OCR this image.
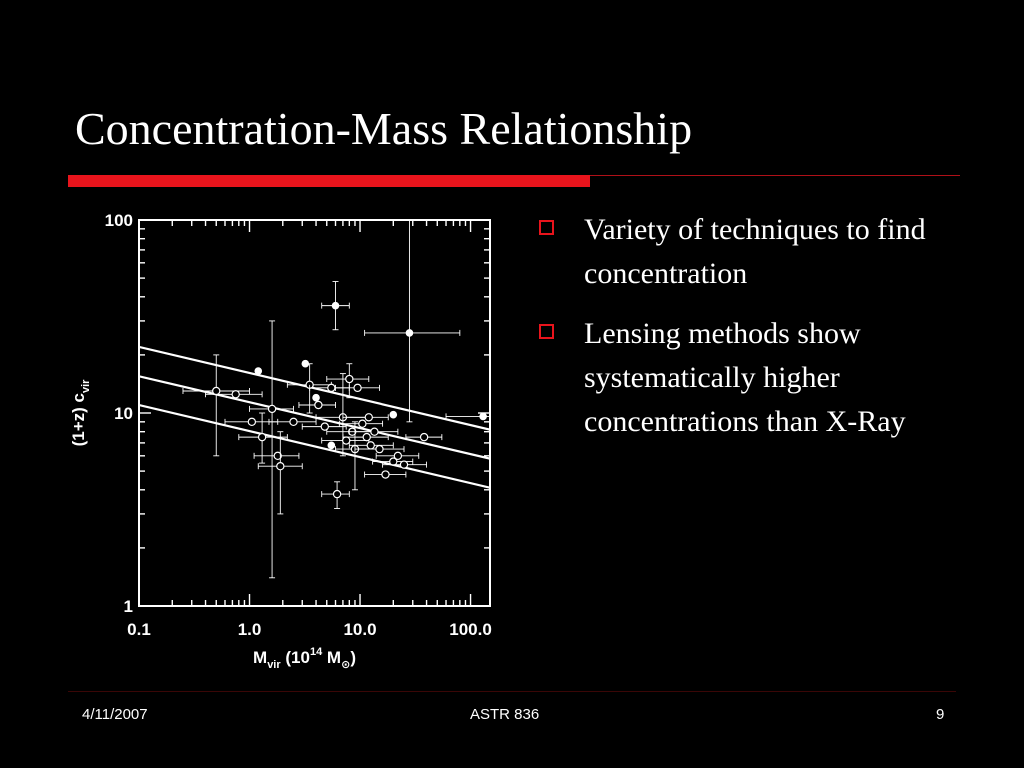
Concentration-Mass Relationship
0.1	1.0	10.0	100.0
1
10
100
$M_{vir}$ ($10^{14}$ $M_⊙$)
(1+z) $c_{vir}$
Variety of techniques to find concentration
Lensing methods show systematically higher concentrations than X-Ray
4/11/2007	ASTR 836	9
